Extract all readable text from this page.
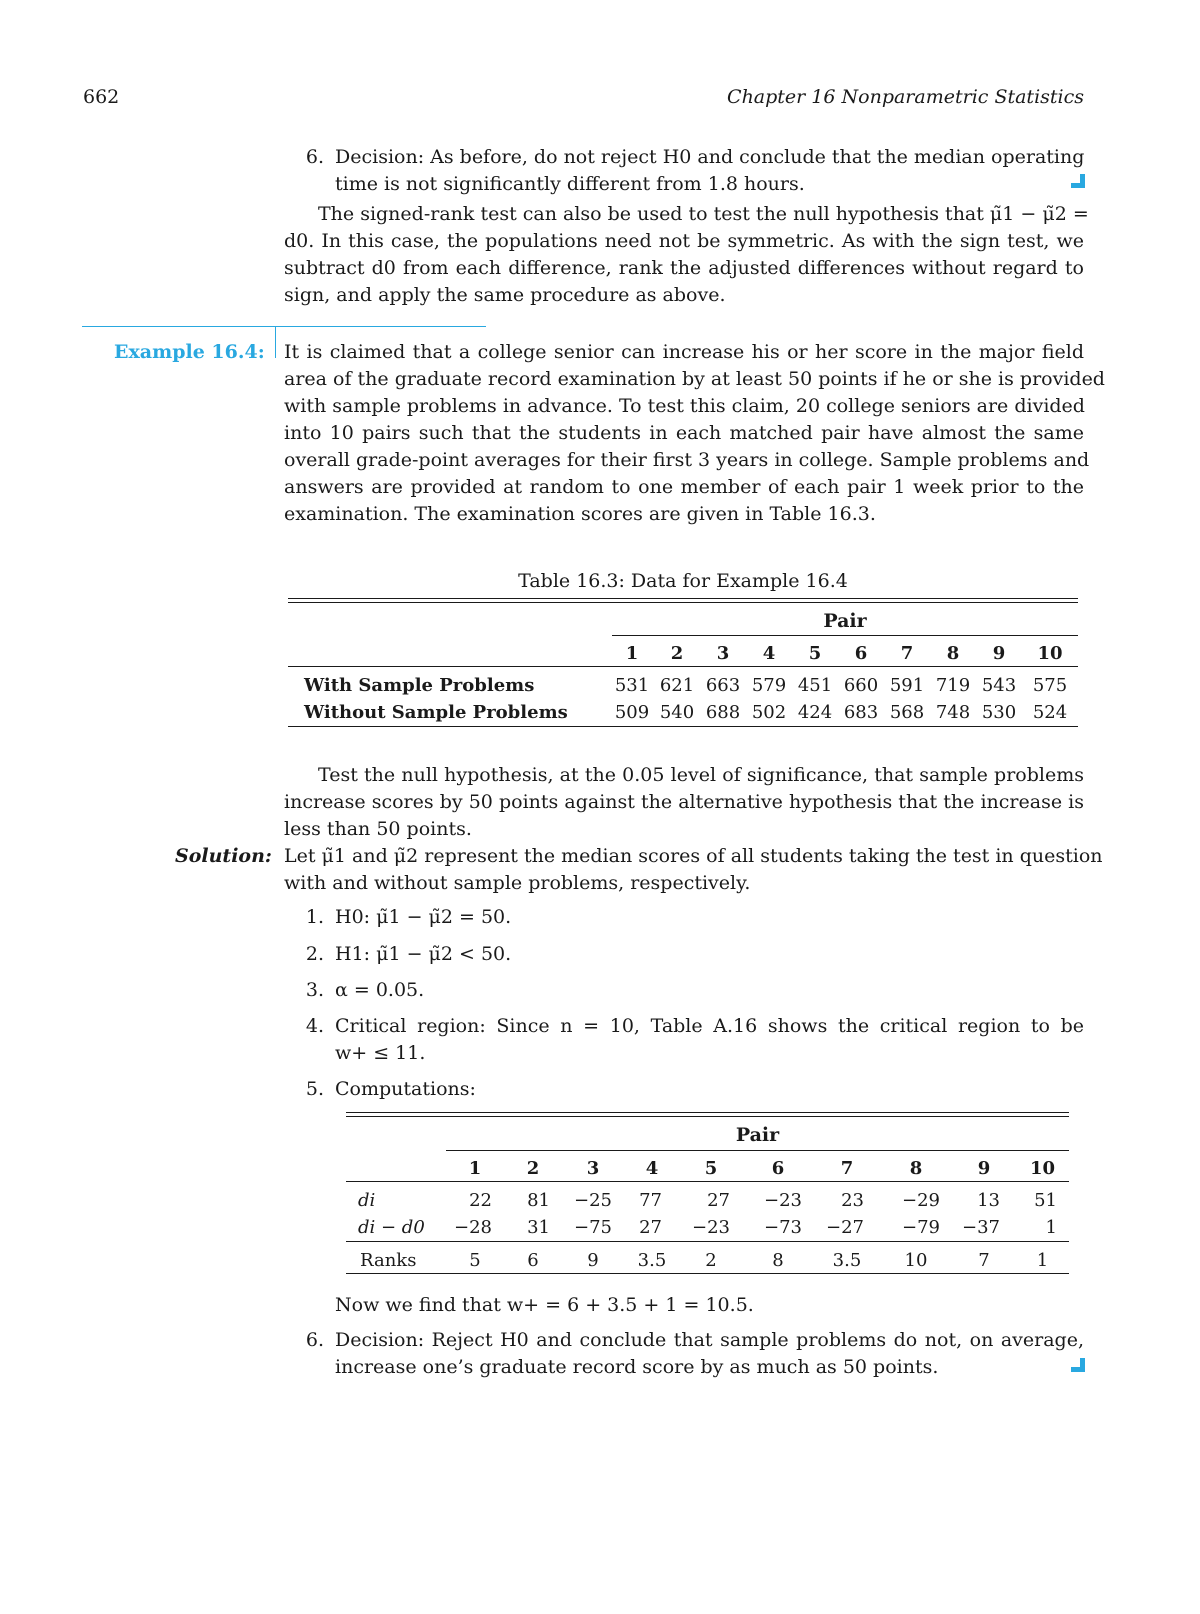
662	Chapter 16 Nonparametric Statistics
6. Decision: As before, do not reject H0 and conclude that the median operating
time is not significantly different from 1.8 hours.
The signed-rank test can also be used to test the null hypothesis that μ̃1 − μ̃2 =
d0. In this case, the populations need not be symmetric. As with the sign test, we
subtract d0 from each difference, rank the adjusted differences without regard to
sign, and apply the same procedure as above.
Example 16.4: It is claimed that a college senior can increase his or her score in the major field
area of the graduate record examination by at least 50 points if he or she is provided
with sample problems in advance. To test this claim, 20 college seniors are divided
into 10 pairs such that the students in each matched pair have almost the same
overall grade-point averages for their first 3 years in college. Sample problems and
answers are provided at random to one member of each pair 1 week prior to the
examination. The examination scores are given in Table 16.3.
Table 16.3: Data for Example 16.4
Pair
	1	2	3	4	5	6	7	8	9	10

With Sample Problems	531	621	663	579	451	660	591	719	543	575
Without Sample Problems	509	540	688	502	424	683	568	748	530	524
Test the null hypothesis, at the 0.05 level of significance, that sample problems
increase scores by 50 points against the alternative hypothesis that the increase is
less than 50 points.
Solution: Let μ̃1 and μ̃2 represent the median scores of all students taking the test in question
with and without sample problems, respectively.
1. H0: μ̃1 − μ̃2 = 50.
2. H1: μ̃1 − μ̃2 < 50.
3. α = 0.05.
4. Critical region: Since n = 10, Table A.16 shows the critical region to be
w+ ≤ 11.
5. Computations:
Pair
	1	2	3	4	5	6	7	8	9	10

di	22	81	−25	77	27	−23	23	−29	13	51
di − d0	−28	31	−75	27	−23	−73	−27	−79	−37	1

Ranks	5	6	9	3.5	2	8	3.5	10	7	1
Now we find that w+ = 6 + 3.5 + 1 = 10.5.
6. Decision: Reject H0 and conclude that sample problems do not, on average,
increase one’s graduate record score by as much as 50 points.
